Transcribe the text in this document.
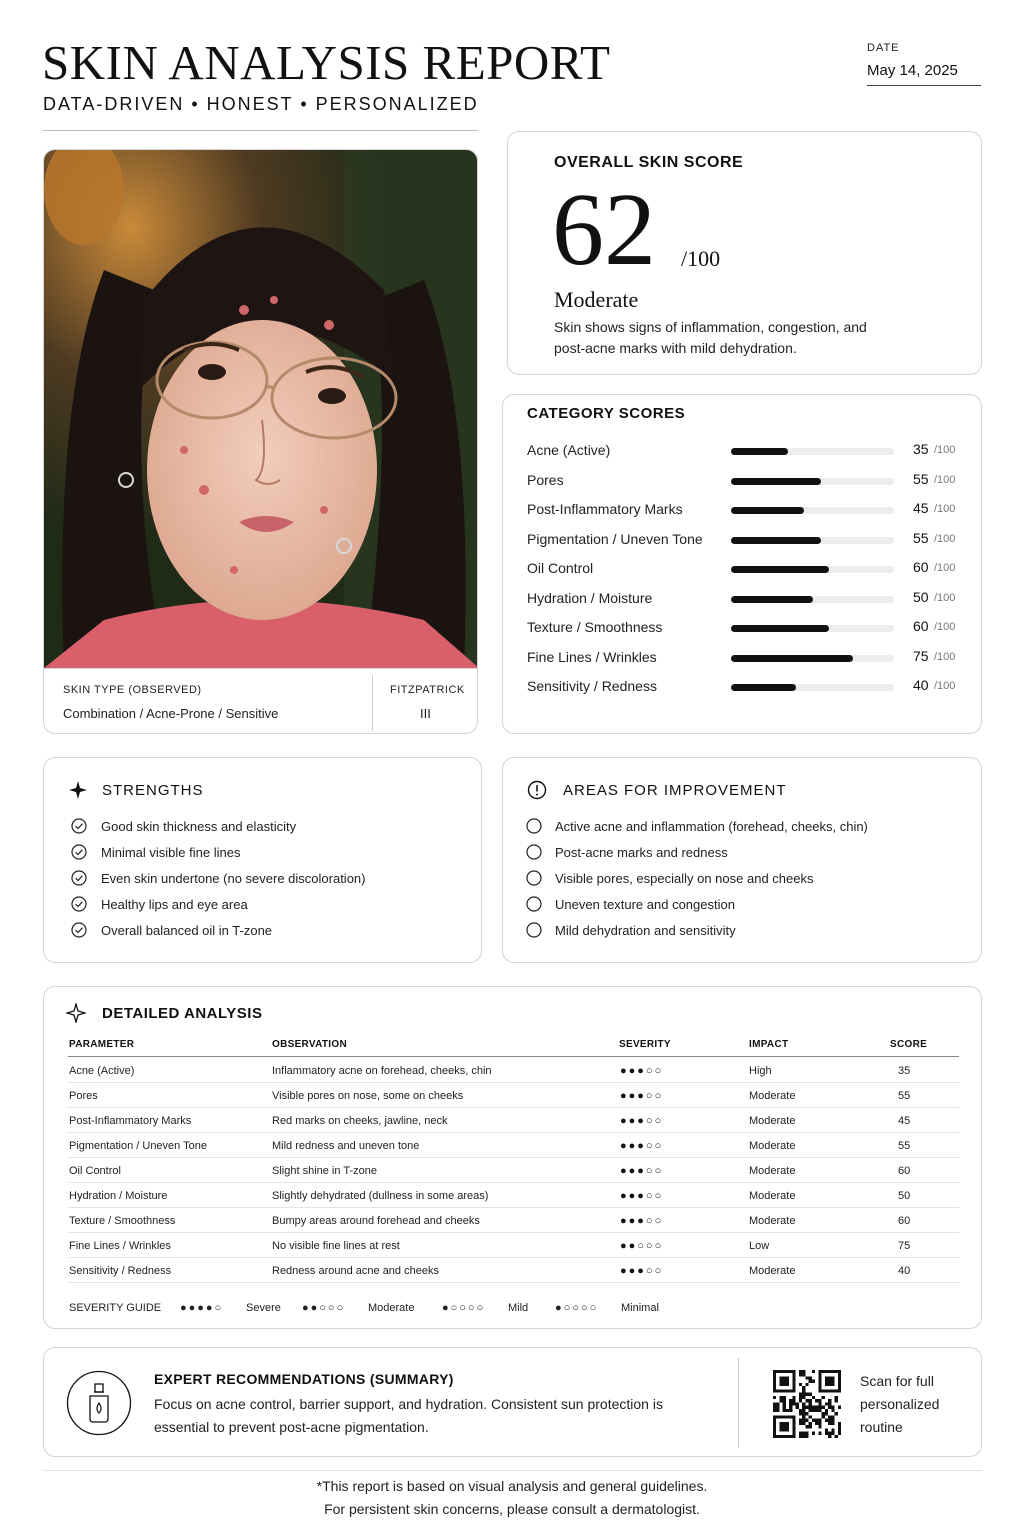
SKIN ANALYSIS REPORT
DATA-DRIVEN • HONEST • PERSONALIZED
DATE
May 14, 2025
SKIN TYPE (OBSERVED)
Combination / Acne-Prone / Sensitive
FITZPATRICK
III
OVERALL SKIN SCORE
62 /100
Moderate
Skin shows signs of inflammation, congestion, and post-acne marks with mild dehydration.
CATEGORY SCORES
Acne (Active)	35 /100
Pores	55 /100
Post-Inflammatory Marks	45 /100
Pigmentation / Uneven Tone	55 /100
Oil Control	60 /100
Hydration / Moisture	50 /100
Texture / Smoothness	60 /100
Fine Lines / Wrinkles	75 /100
Sensitivity / Redness	40 /100
STRENGTHS
Good skin thickness and elasticity
Minimal visible fine lines
Even skin undertone (no severe discoloration)
Healthy lips and eye area
Overall balanced oil in T-zone
AREAS FOR IMPROVEMENT
Active acne and inflammation (forehead, cheeks, chin)
Post-acne marks and redness
Visible pores, especially on nose and cheeks
Uneven texture and congestion
Mild dehydration and sensitivity
DETAILED ANALYSIS
PARAMETER	OBSERVATION	SEVERITY	IMPACT	SCORE
Acne (Active)	Inflammatory acne on forehead, cheeks, chin	●●●○○	High	35
Pores	Visible pores on nose, some on cheeks	●●●○○	Moderate	55
Post-Inflammatory Marks	Red marks on cheeks, jawline, neck	●●●○○	Moderate	45
Pigmentation / Uneven Tone	Mild redness and uneven tone	●●●○○	Moderate	55
Oil Control	Slight shine in T-zone	●●●○○	Moderate	60
Hydration / Moisture	Slightly dehydrated (dullness in some areas)	●●●○○	Moderate	50
Texture / Smoothness	Bumpy areas around forehead and cheeks	●●●○○	Moderate	60
Fine Lines / Wrinkles	No visible fine lines at rest	●●○○○	Low	75
Sensitivity / Redness	Redness around acne and cheeks	●●●○○	Moderate	40
SEVERITY GUIDE ●●●●○ Severe ●●○○○ Moderate	●○○○○ Mild ●○○○○ Minimal
EXPERT RECOMMENDATIONS (SUMMARY)
Focus on acne control, barrier support, and hydration. Consistent sun protection is essential to prevent post-acne pigmentation.
Scan for full personalized routine
*This report is based on visual analysis and general guidelines.
For persistent skin concerns, please consult a dermatologist.
